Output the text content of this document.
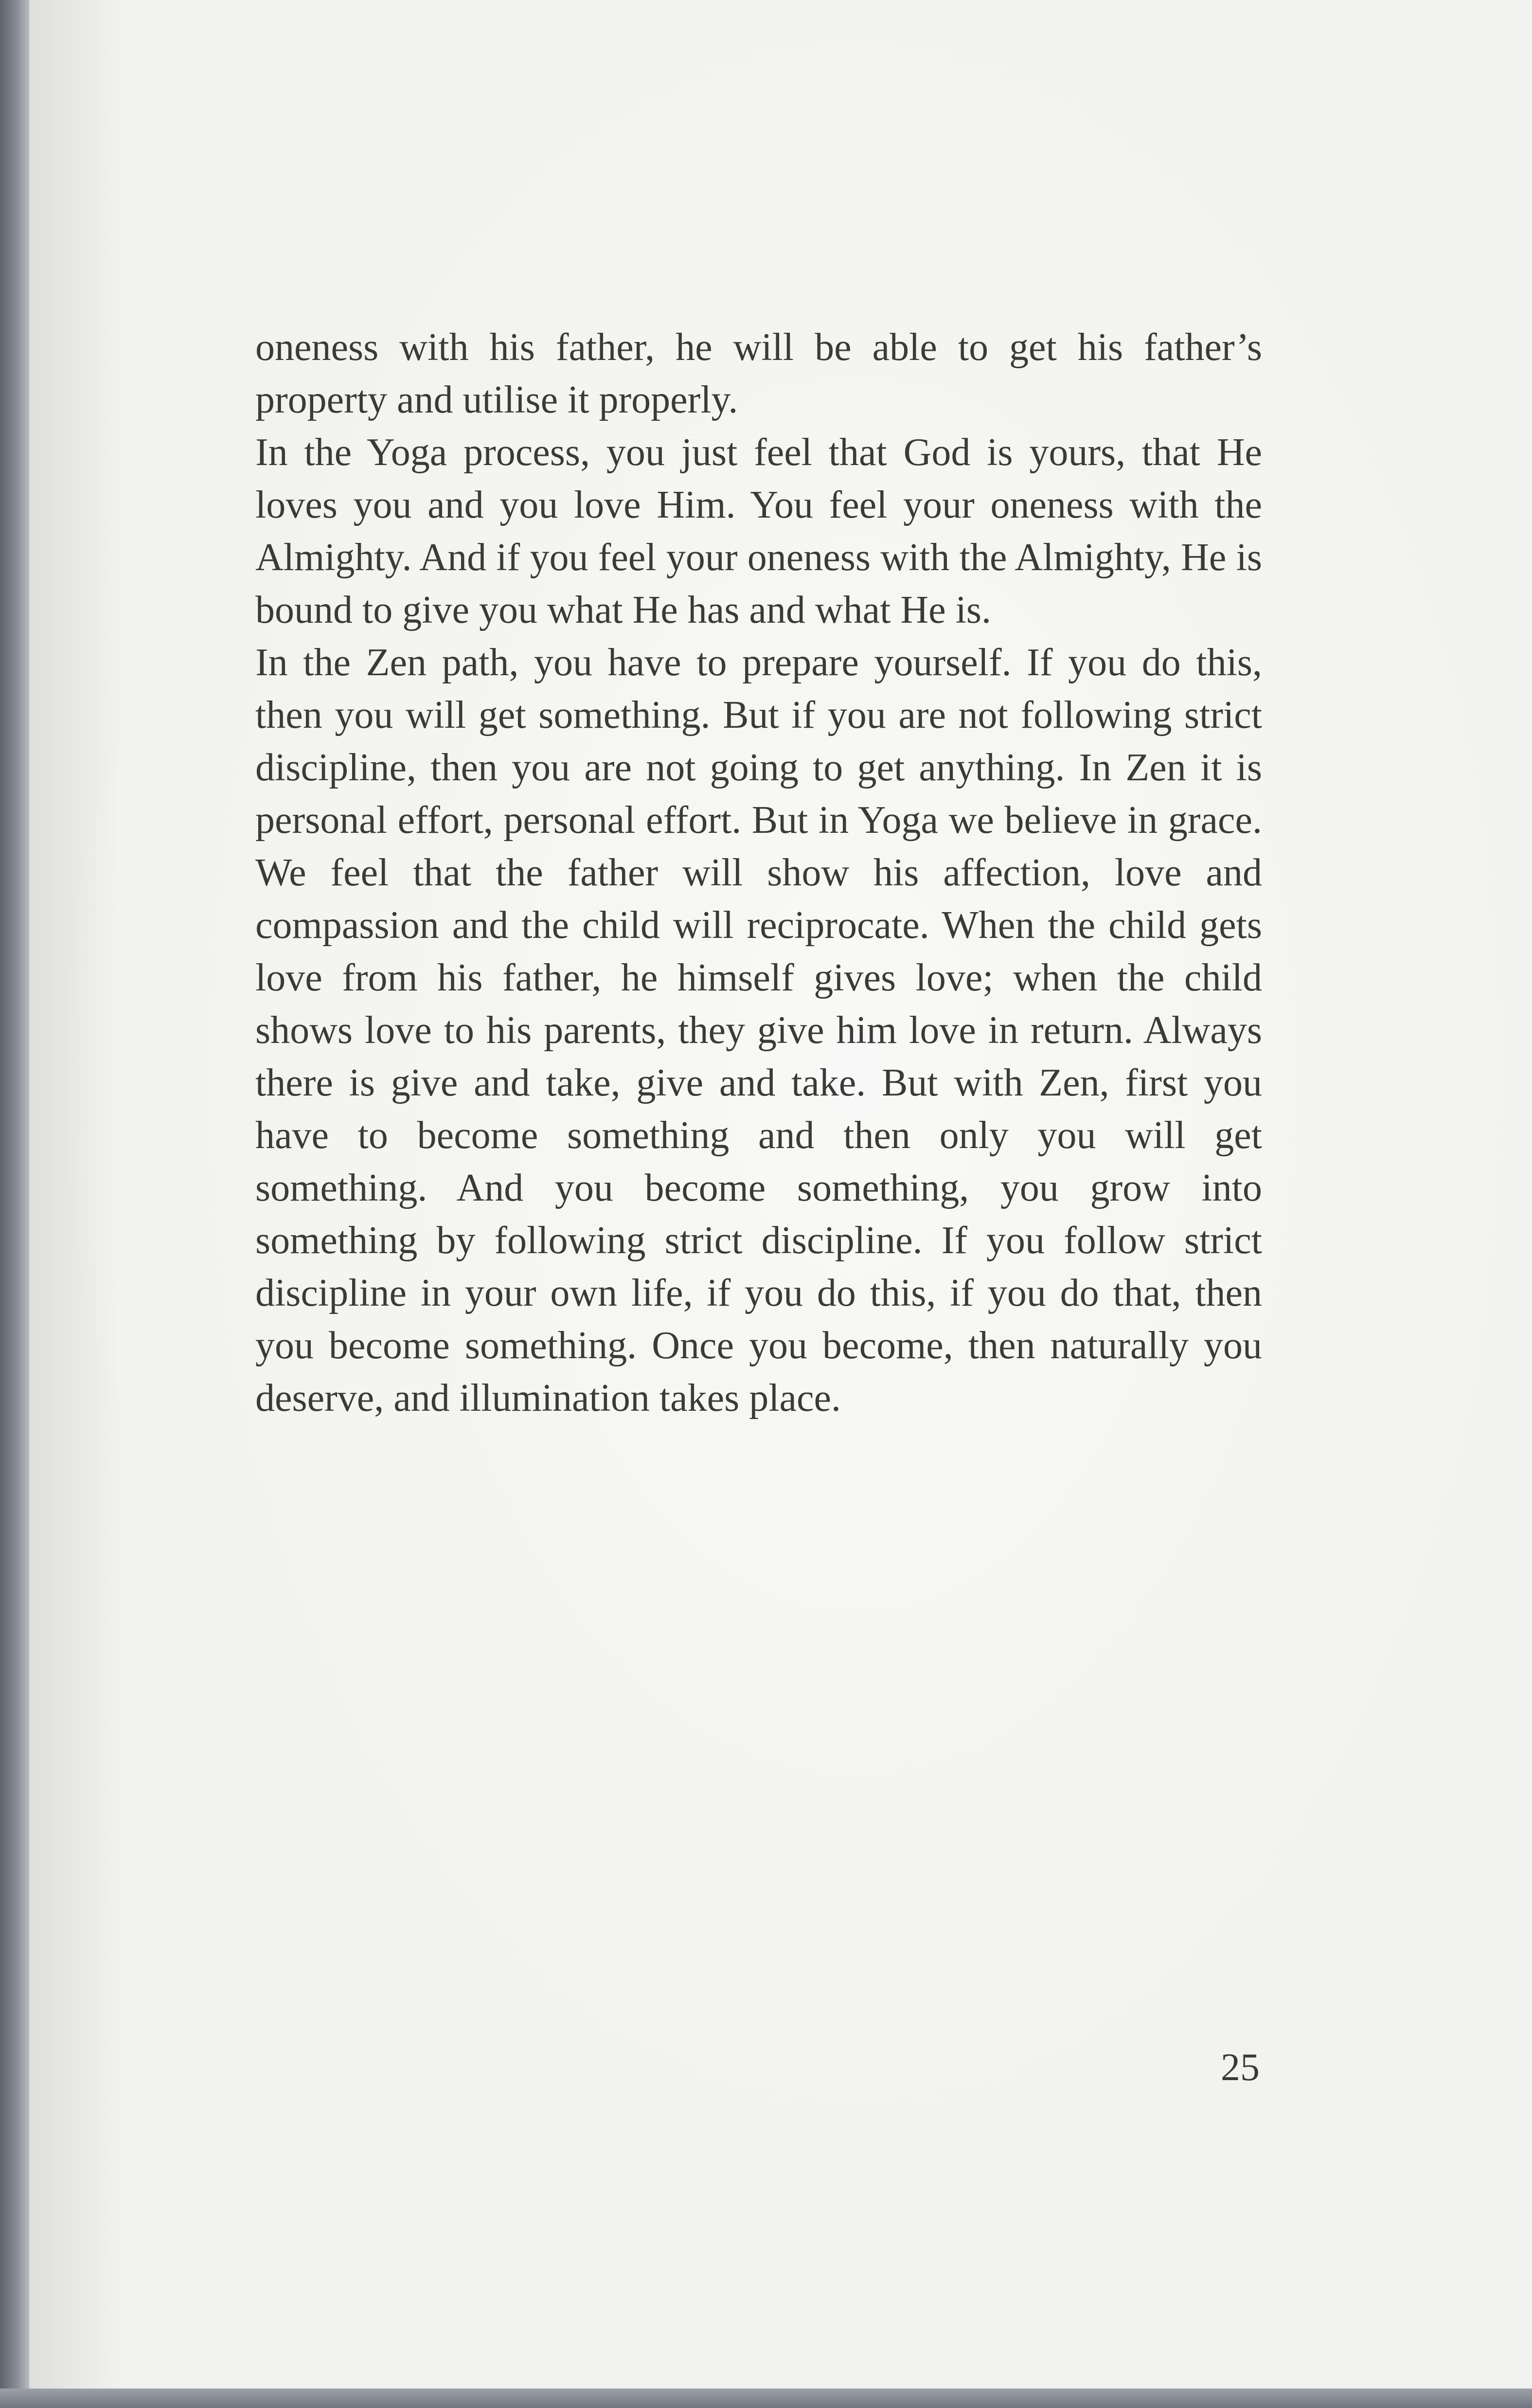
oneness with his father, he will be able to get his father’s property and utilise it properly.

In the Yoga process, you just feel that God is yours, that He loves you and you love Him. You feel your oneness with the Almighty. And if you feel your oneness with the Almighty, He is bound to give you what He has and what He is.

In the Zen path, you have to prepare yourself. If you do this, then you will get something. But if you are not following strict discipline, then you are not going to get anything. In Zen it is personal effort, personal effort. But in Yoga we believe in grace. We feel that the father will show his affection, love and compassion and the child will reciprocate. When the child gets love from his father, he himself gives love; when the child shows love to his parents, they give him love in return. Always there is give and take, give and take. But with Zen, first you have to become something and then only you will get something. And you become something, you grow into something by following strict discipline. If you follow strict discipline in your own life, if you do this, if you do that, then you become something. Once you become, then naturally you deserve, and illumination takes place.

25
